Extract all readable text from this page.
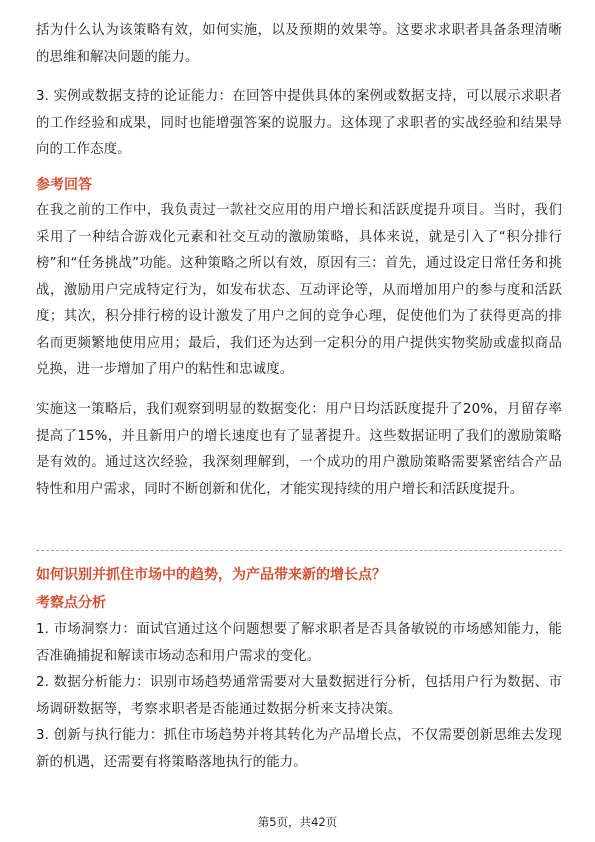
括为什么认为该策略有效，如何实施，以及预期的效果等。这要求求职者具备条理清晰的思维和解决问题的能力。

3. 实例或数据支持的论证能力：在回答中提供具体的案例或数据支持，可以展示求职者的工作经验和成果，同时也能增强答案的说服力。这体现了求职者的实战经验和结果导向的工作态度。

参考回答

在我之前的工作中，我负责过一款社交应用的用户增长和活跃度提升项目。当时，我们采用了一种结合游戏化元素和社交互动的激励策略，具体来说，就是引入了“积分排行榜”和“任务挑战”功能。这种策略之所以有效，原因有三：首先，通过设定日常任务和挑战，激励用户完成特定行为，如发布状态、互动评论等，从而增加用户的参与度和活跃度；其次，积分排行榜的设计激发了用户之间的竞争心理，促使他们为了获得更高的排名而更频繁地使用应用；最后，我们还为达到一定积分的用户提供实物奖励或虚拟商品兑换，进一步增加了用户的粘性和忠诚度。

实施这一策略后，我们观察到明显的数据变化：用户日均活跃度提升了20%，月留存率提高了15%，并且新用户的增长速度也有了显著提升。这些数据证明了我们的激励策略是有效的。通过这次经验，我深刻理解到，一个成功的用户激励策略需要紧密结合产品特性和用户需求，同时不断创新和优化，才能实现持续的用户增长和活跃度提升。

如何识别并抓住市场中的趋势，为产品带来新的增长点？
考察点分析

1. 市场洞察力：面试官通过这个问题想要了解求职者是否具备敏锐的市场感知能力，能否准确捕捉和解读市场动态和用户需求的变化。

2. 数据分析能力：识别市场趋势通常需要对大量数据进行分析，包括用户行为数据、市场调研数据等，考察求职者是否能通过数据分析来支持决策。

3. 创新与执行能力：抓住市场趋势并将其转化为产品增长点，不仅需要创新思维去发现新的机遇，还需要有将策略落地执行的能力。

第5页，共42页
